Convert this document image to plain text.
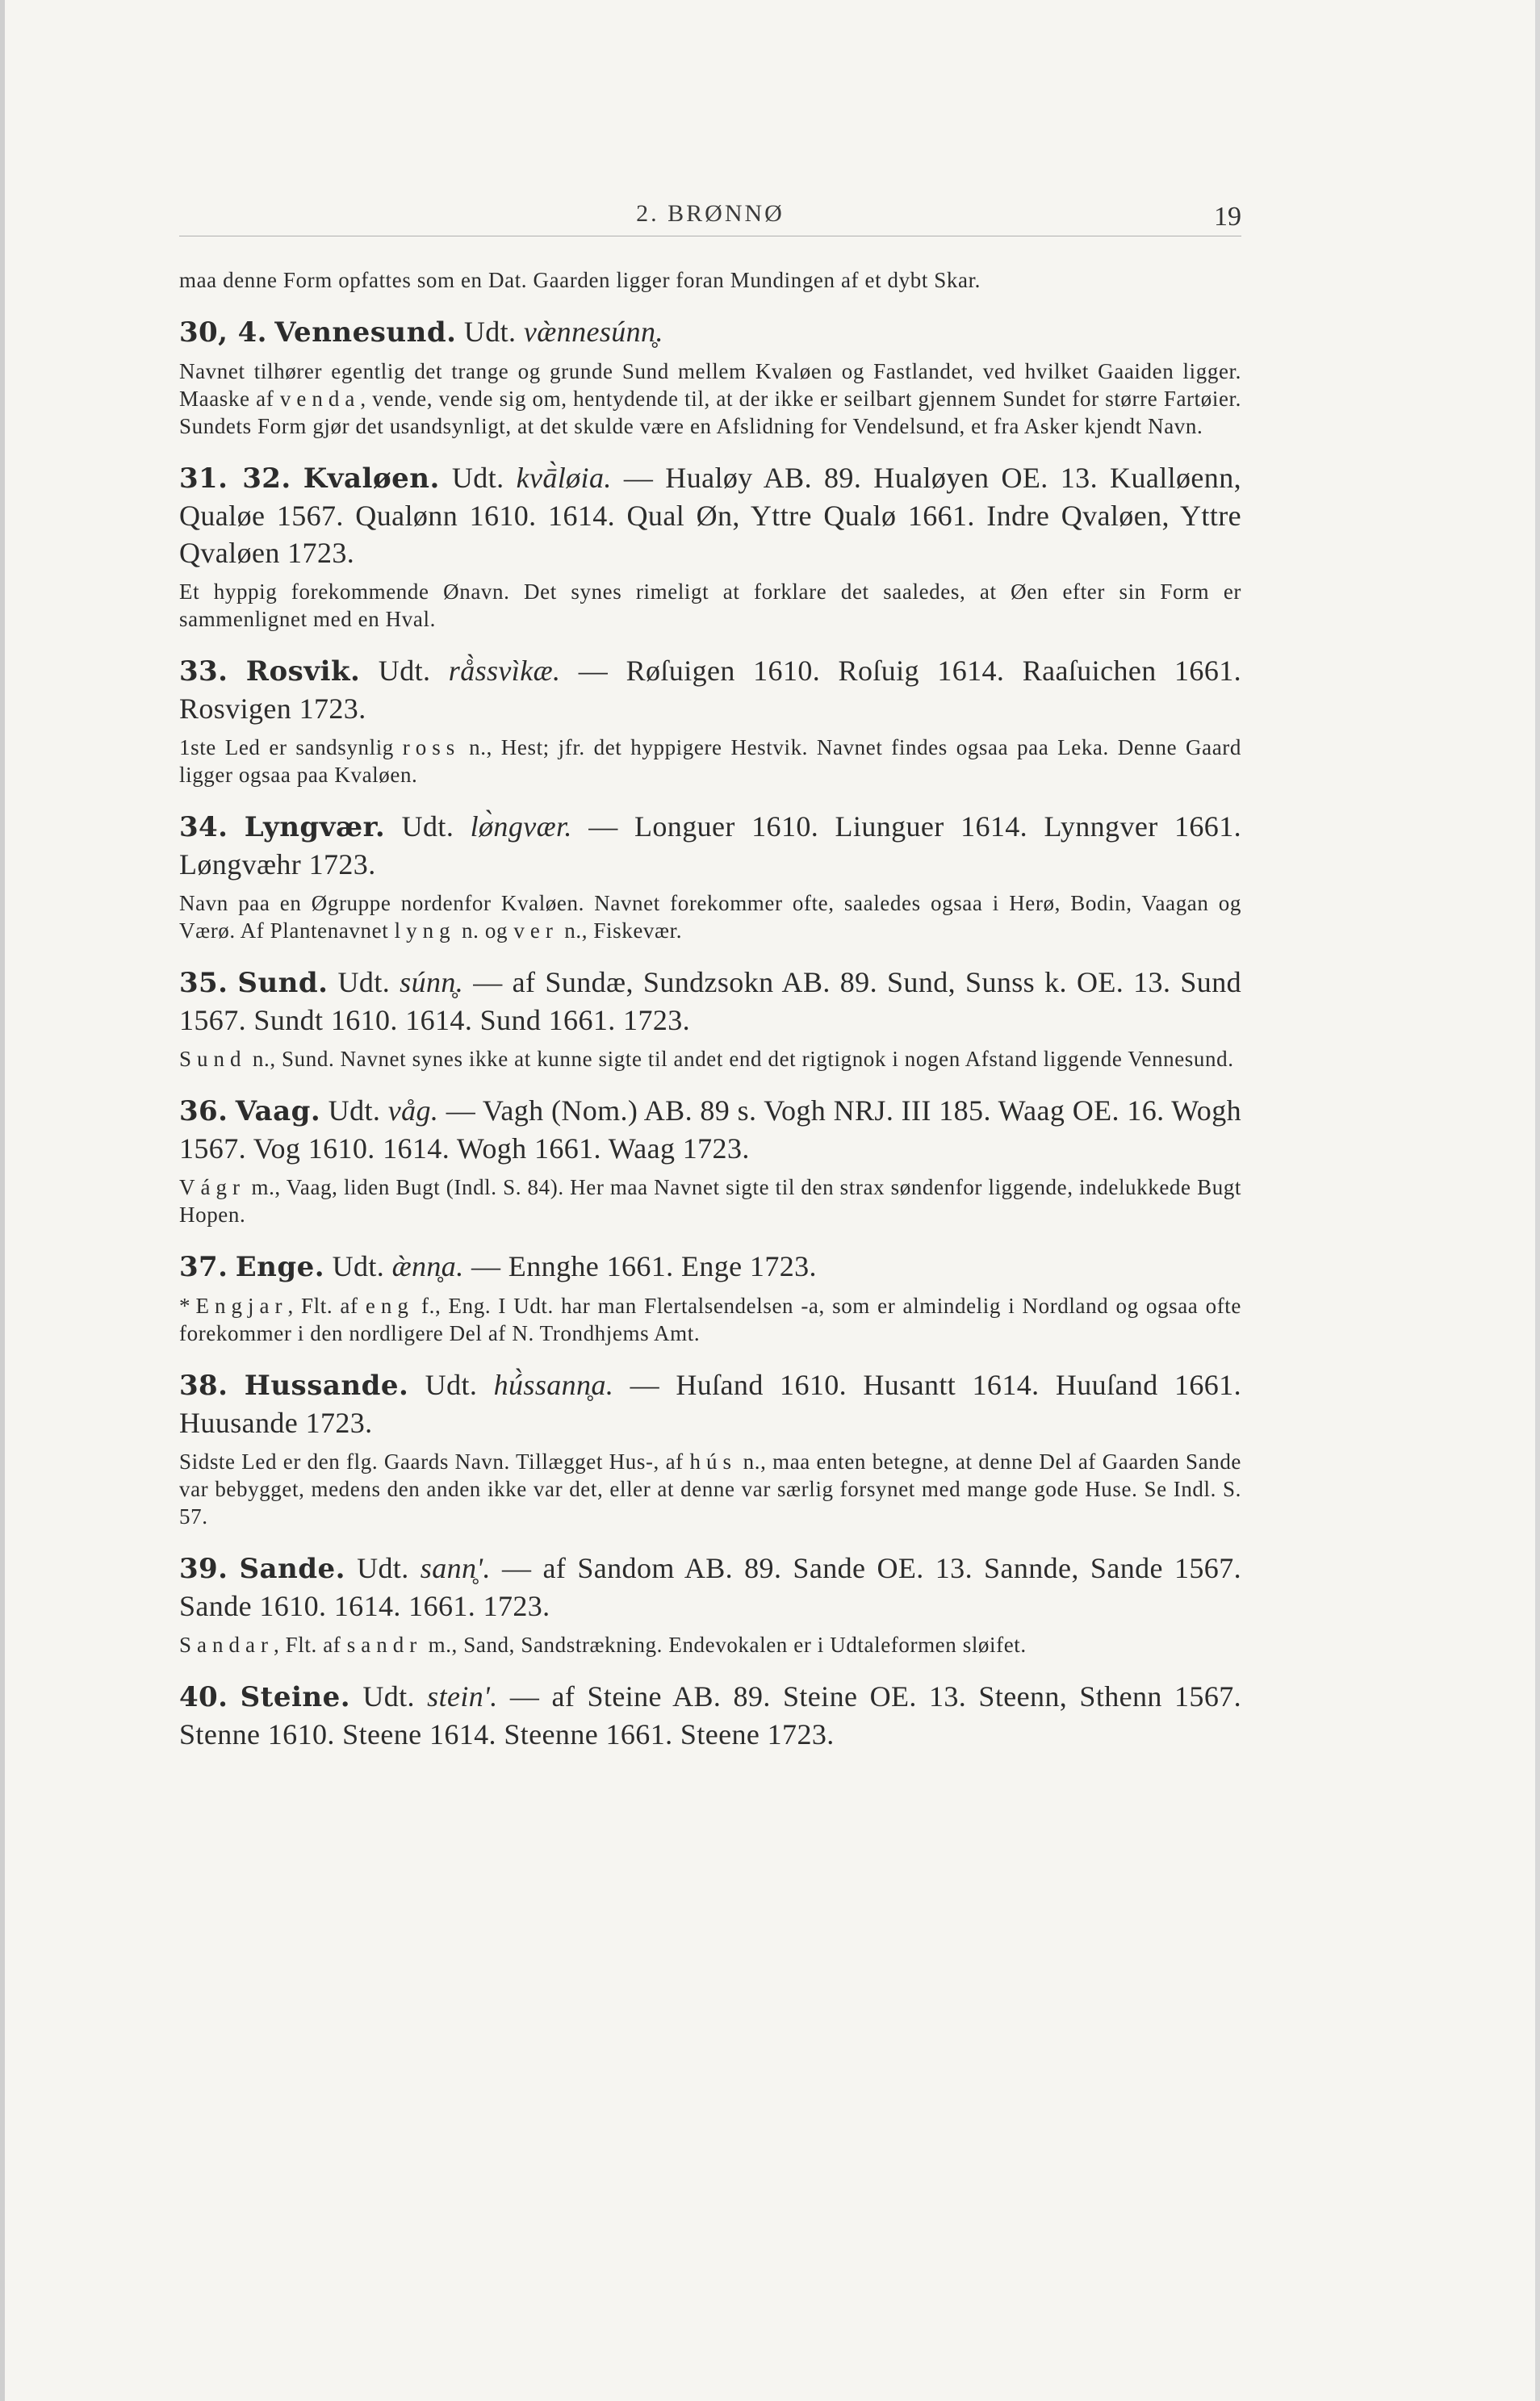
2. BRØNNØ	19

maa denne Form opfattes som en Dat. Gaarden ligger foran Mundingen af et dybt Skar.

30, 4. Vennesund. Udt. væ̀nnesúnn̥.

Navnet tilhører egentlig det trange og grunde Sund mellem Kvaløen og Fastlandet, ved hvilket Gaaiden ligger. Maaske af venda, vende, vende sig om, hentydende til, at der ikke er seilbart gjennem Sundet for større Fartøier. Sundets Form gjør det usandsynligt, at det skulde være en Afslidning for Vendelsund, et fra Asker kjendt Navn.

31. 32. Kvaløen. Udt. kvā̀løia. — Hualøy AB. 89. Hualøyen OE. 13. Kualløenn, Qualøe 1567. Qualønn 1610. 1614. Qual Øn, Yttre Qualø 1661. Indre Qvaløen, Yttre Qvaløen 1723.

Et hyppig forekommende Ønavn. Det synes rimeligt at forklare det saaledes, at Øen efter sin Form er sammenlignet med en Hval.

33. Rosvik. Udt. rå̀ssvìkæ. — Røſuigen 1610. Roſuig 1614. Raaſuichen 1661. Rosvigen 1723.

1ste Led er sandsynlig ross n., Hest; jfr. det hyppigere Hestvik. Navnet findes ogsaa paa Leka. Denne Gaard ligger ogsaa paa Kvaløen.

34. Lyngvær. Udt. lø̀ngvær. — Longuer 1610. Liunguer 1614. Lynngver 1661. Løngvæhr 1723.

Navn paa en Øgruppe nordenfor Kvaløen. Navnet forekommer ofte, saaledes ogsaa i Herø, Bodin, Vaagan og Værø. Af Plantenavnet lyng n. og ver n., Fiskevær.

35. Sund. Udt. súnn̥. — af Sundæ, Sundzsokn AB. 89. Sund, Sunss k. OE. 13. Sund 1567. Sundt 1610. 1614. Sund 1661. 1723.

Sund n., Sund. Navnet synes ikke at kunne sigte til andet end det rigtignok i nogen Afstand liggende Vennesund.

36. Vaag. Udt. våg. — Vagh (Nom.) AB. 89 s. Vogh NRJ. III 185. Waag OE. 16. Wogh 1567. Vog 1610. 1614. Wogh 1661. Waag 1723.

Vágr m., Vaag, liden Bugt (Indl. S. 84). Her maa Navnet sigte til den strax søndenfor liggende, indelukkede Bugt Hopen.

37. Enge. Udt. æ̀nn̥a. — Ennghe 1661. Enge 1723.

*Engjar, Flt. af eng f., Eng. I Udt. har man Flertalsendelsen -a, som er almindelig i Nordland og ogsaa ofte forekommer i den nordligere Del af N. Trondhjems Amt.

38. Hussande. Udt. hú̀ssann̥a. — Huſand 1610. Husantt 1614. Huuſand 1661. Huusande 1723.

Sidste Led er den flg. Gaards Navn. Tillægget Hus-, af hús n., maa enten betegne, at denne Del af Gaarden Sande var bebygget, medens den anden ikke var det, eller at denne var særlig forsynet med mange gode Huse. Se Indl. S. 57.

39. Sande. Udt. sann̥'. — af Sandom AB. 89. Sande OE. 13. Sannde, Sande 1567. Sande 1610. 1614. 1661. 1723.

Sandar, Flt. af sandr m., Sand, Sandstrækning. Endevokalen er i Udtaleformen sløifet.

40. Steine. Udt. stein'. — af Steine AB. 89. Steine OE. 13. Steenn, Sthenn 1567. Stenne 1610. Steene 1614. Steenne 1661. Steene 1723.
